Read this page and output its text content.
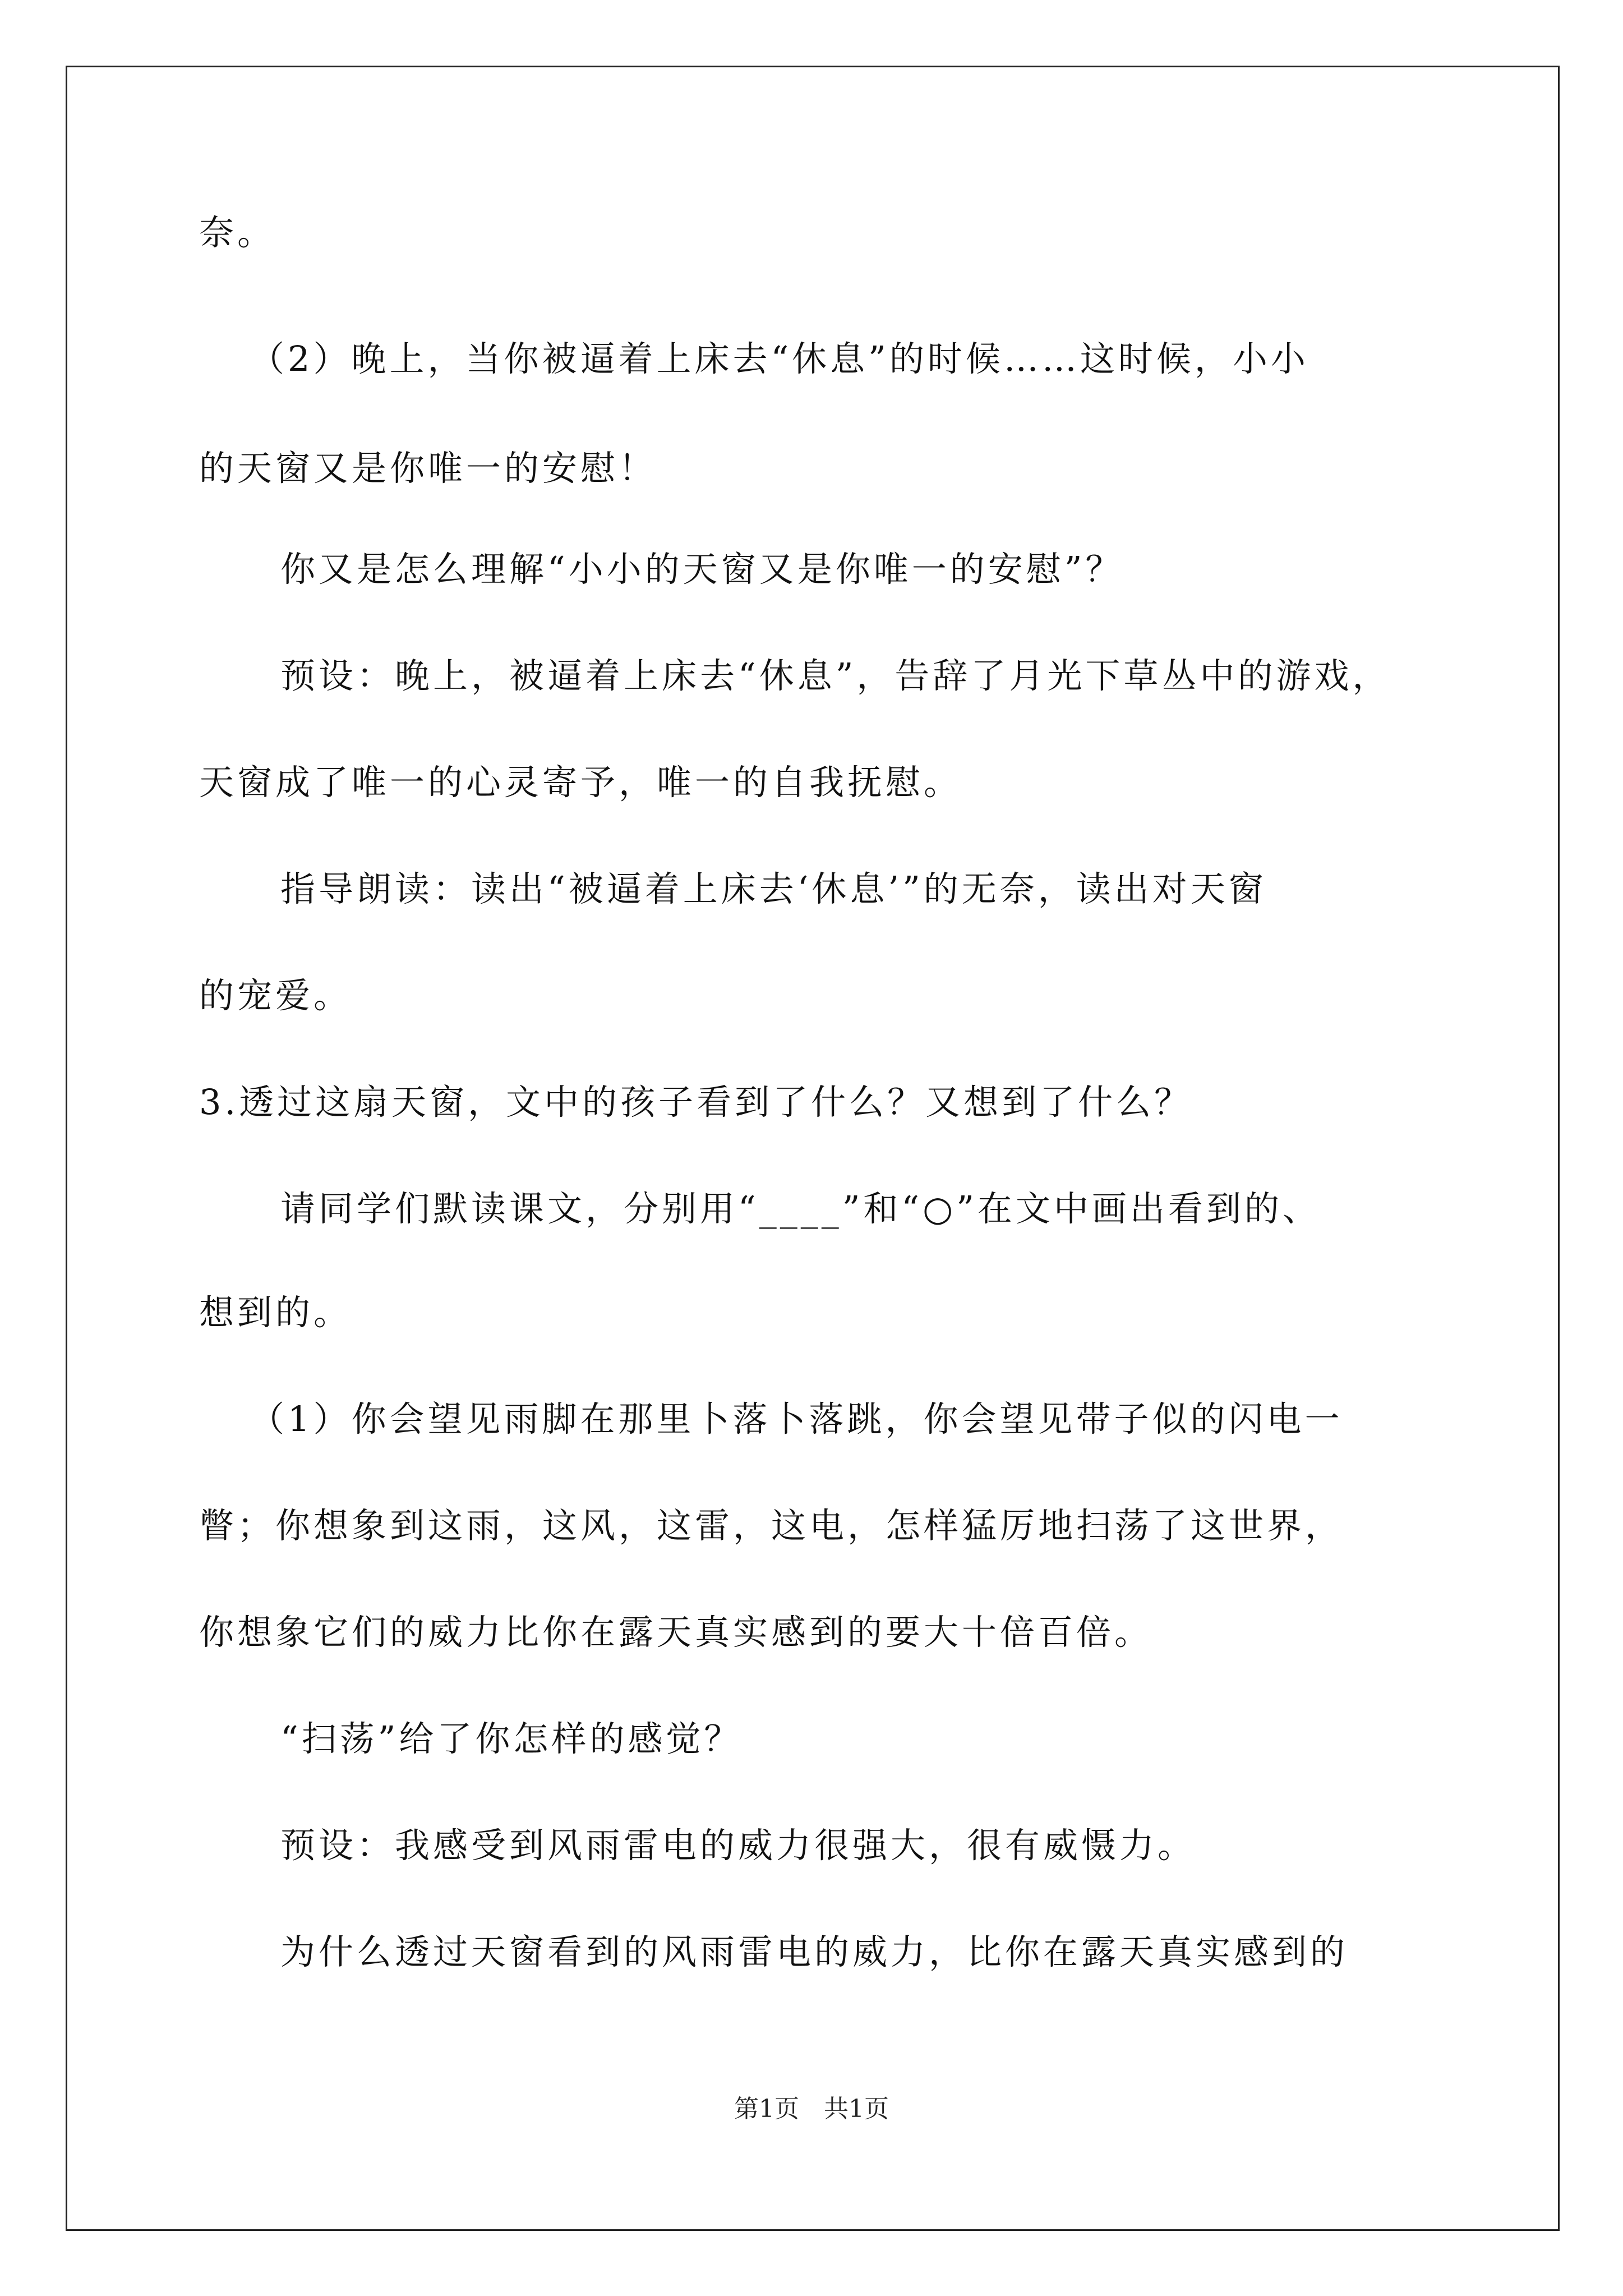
奈。
（2）晚上，当你被逼着上床去“休息”的时候……这时候，小小
的天窗又是你唯一的安慰！
你又是怎么理解“小小的天窗又是你唯一的安慰”？
预设：晚上，被逼着上床去“休息”，告辞了月光下草丛中的游戏，
天窗成了唯一的心灵寄予，唯一的自我抚慰。
指导朗读：读出“被逼着上床去‘休息’”的无奈，读出对天窗
的宠爱。
3.透过这扇天窗，文中的孩子看到了什么？又想到了什么？
请同学们默读课文，分别用“____”和“○”在文中画出看到的、
想到的。
（1）你会望见雨脚在那里卜落卜落跳，你会望见带子似的闪电一
瞥；你想象到这雨，这风，这雷，这电，怎样猛厉地扫荡了这世界，
你想象它们的威力比你在露天真实感到的要大十倍百倍。
“扫荡”给了你怎样的感觉？
预设：我感受到风雨雷电的威力很强大，很有威慑力。
为什么透过天窗看到的风雨雷电的威力，比你在露天真实感到的
第1页　共1页
